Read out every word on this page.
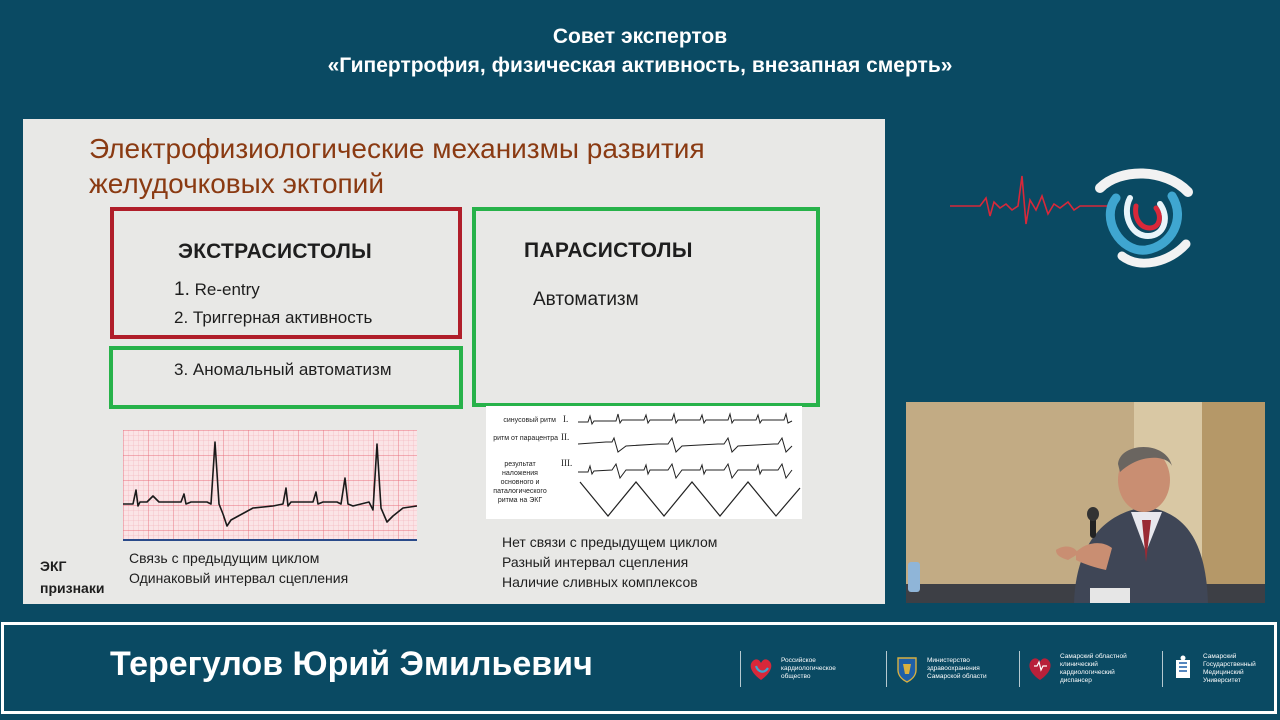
Совет экспертов
«Гипертрофия, физическая активность, внезапная смерть»
Электрофизиологические механизмы развития
желудочковых эктопий
ЭКСТРАСИСТОЛЫ
1. Re-entry
2. Триггерная активность
3. Аномальный автоматизм
ПАРАСИСТОЛЫ
Автоматизм
синусовый ритм I.
ритм от парацентра II.
результат
наложения
основного и
паталогического
ритма на ЭКГ
III.
ЭКГ
признаки
Связь с предыдущим циклом
Одинаковый интервал сцепления
Нет связи с предыдущем циклом
Разный интервал сцепления
Наличие сливных комплексов
Терегулов Юрий Эмильевич	Российское
кардиологическое
общество
Министерство
здравоохранения
Самарской области
Самарский областной
клинический
кардиологический
диспансер
Самарский
Государственный
Медицинский
Университет
